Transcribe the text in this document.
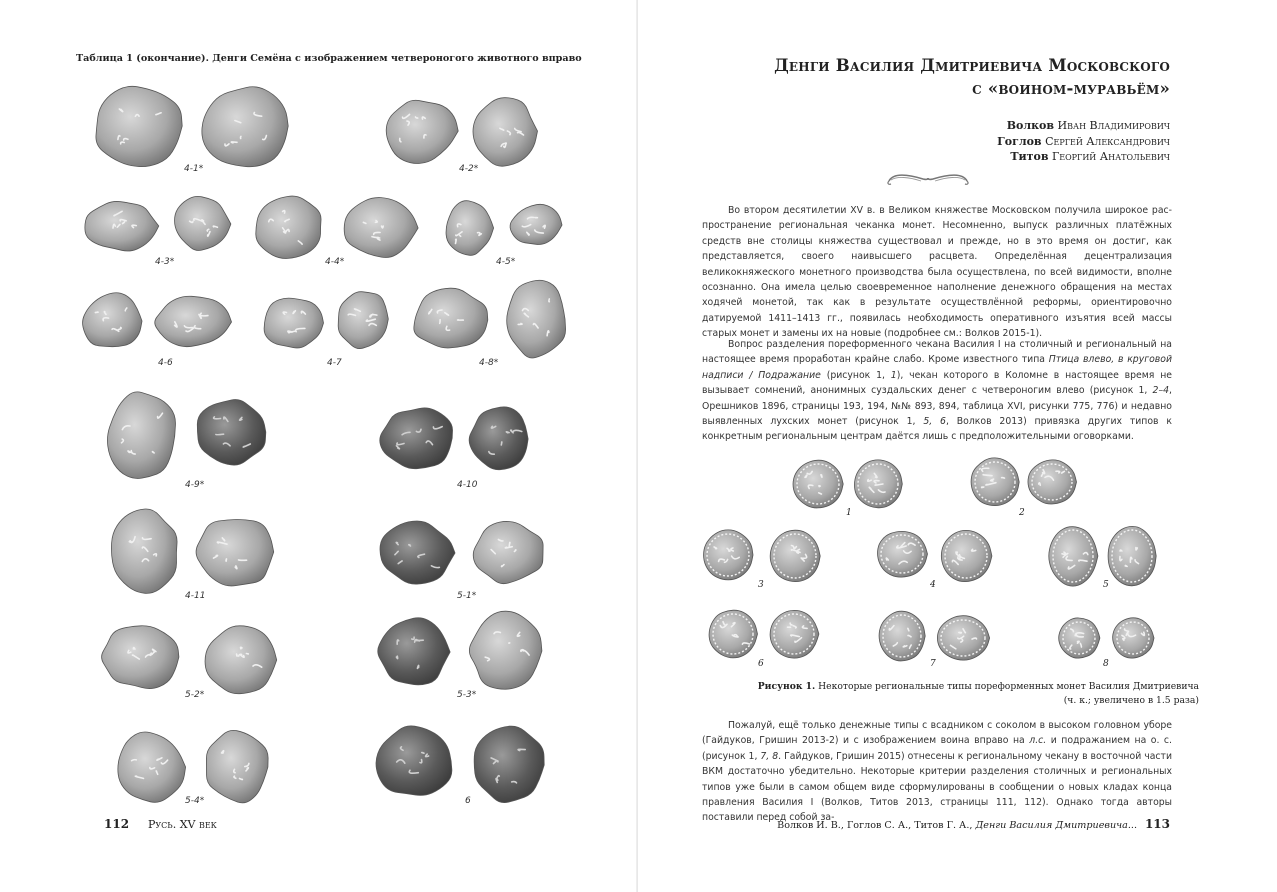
Таблица 1 (окончание). Денги Семёна с изображением четвероногого животного вправо
4-1*	4-2*
4-3*	4-4*	4-5*
4-6	4-7	4-8*
4-9*	4-10
4-11	5-1*
5-2*	5-3*
5-4*	6
112 Русь. XV век
Денги Василия Дмитриевича Московского
с «воином-муравьём»
Волков Иван Владимирович
Гоглов Сергей Александрович
Титов Георгий Анатольевич

Во втором десятилетии XV в. в Великом княжестве Московском получила широкое распространение региональная чеканка монет. Несомненно, выпуск различных платёжных средств вне столицы княжества существовал и прежде, но в это время он достиг, как представляется, своего наивысшего расцвета. Определённая децентрализация великокняжеского монетного производства была осуществлена, по всей видимости, вполне осознанно. Она имела целью своевременное наполнение денежного обращения на местах ходячей монетой, так как в результате осуществлённой реформы, ориентировочно датируемой 1411–1413 гг., появилась необходимость оперативного изъятия всей массы старых монет и замены их на новые (подробнее см.: Волков 2015-1).

Вопрос разделения пореформенного чекана Василия I на столичный и региональный на настоящее время проработан крайне слабо. Кроме известного типа Птица влево, в круговой надписи / Подражание (рисунок 1, 1), чекан которого в Коломне в настоящее время не вызывает сомнений, анонимных суздальских денег с четвероногим влево (рисунок 1, 2–4, Орешников 1896, страницы 193, 194, №№ 893, 894, таблица XVI, рисунки 775, 776) и недавно выявленных лухских монет (рисунок 1, 5, 6, Волков 2013) привязка других типов к конкретным региональным центрам даётся лишь с предположительными оговорками.

1	2
3	4	5
6	7	8
Рисунок 1. Некоторые региональные типы пореформенных монет Василия Дмитриевича
(ч. к.; увеличено в 1.5 раза)

Пожалуй, ещё только денежные типы с всадником с соколом в высоком головном уборе (Гайдуков, Гришин 2013-2) и с изображением воина вправо на л.с. и подражанием на о. с. (рисунок 1, 7, 8. Гайдуков, Гришин 2015) отнесены к региональному чекану в восточной части ВКМ достаточно убедительно. Некоторые критерии разделения столичных и региональных типов уже были в самом общем виде сформулированы в сообщении о новых кладах конца правления Василия I (Волков, Титов 2013, страницы 111, 112). Однако тогда авторы поставили перед собой за-

Волков И. В., Гоглов С. А., Титов Г. А., Денги Василия Дмитриевича... 113
